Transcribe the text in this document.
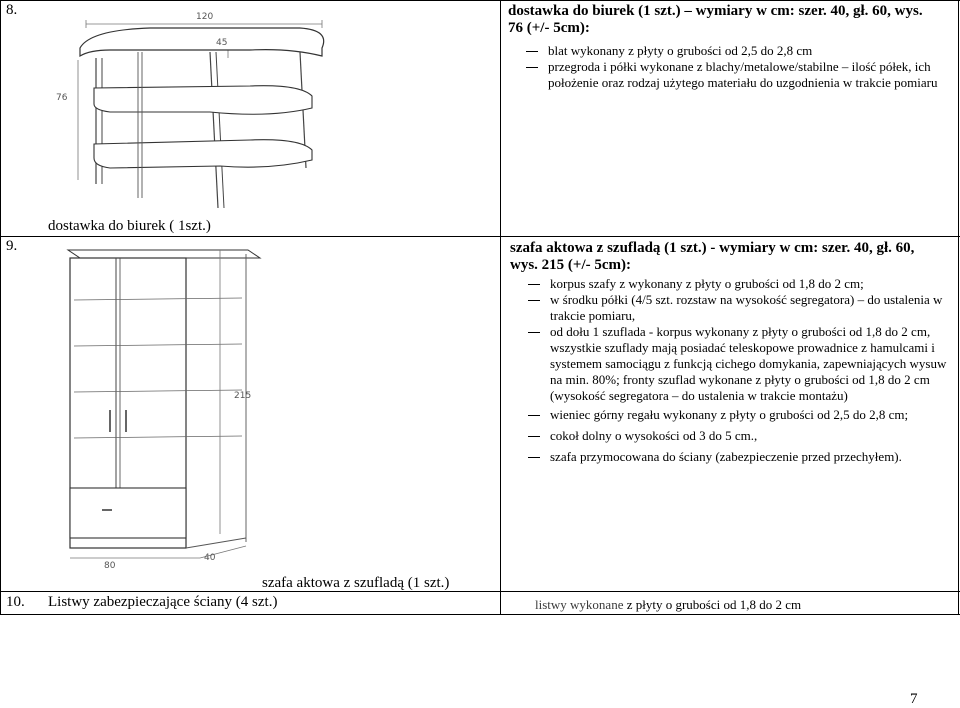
8.	120
45
76
dostawka do biurek ( 1szt.)
dostawka do biurek (1 szt.) – wymiary w cm: szer. 40, gł. 60, wys.
76 (+/- 5cm):
blat wykonany z płyty o grubości od 2,5 do 2,8 cm
przegroda i półki wykonane z blachy/metalowe/stabilne – ilość półek, ich
położenie oraz rodzaj użytego materiału do uzgodnienia w trakcie pomiaru
9.
215
80
40
szafa aktowa z szufladą (1 szt.)
szafa aktowa z szufladą (1 szt.) - wymiary w cm: szer. 40, gł. 60,
wys. 215 (+/- 5cm):
korpus szafy z wykonany z płyty o grubości od 1,8 do 2 cm;
w środku półki (4/5 szt. rozstaw na wysokość segregatora) – do ustalenia w
trakcie pomiaru,
od dołu 1 szuflada - korpus wykonany z płyty o grubości od 1,8 do 2 cm,
wszystkie szuflady mają posiadać teleskopowe prowadnice z hamulcami i
systemem samociągu z funkcją cichego domykania, zapewniających wysuw
na min. 80%; fronty szuflad wykonane z płyty o grubości od 1,8 do 2 cm
(wysokość segregatora – do ustalenia w trakcie montażu)
wieniec górny regału wykonany z płyty o grubości od 2,5 do 2,8 cm;
cokoł dolny o wysokości od 3 do 5 cm.,
szafa przymocowana do ściany (zabezpieczenie przed przechyłem).
10. Listwy zabezpieczające ściany (4 szt.)	listwy wykonane z płyty o grubości od 1,8 do 2 cm
7
